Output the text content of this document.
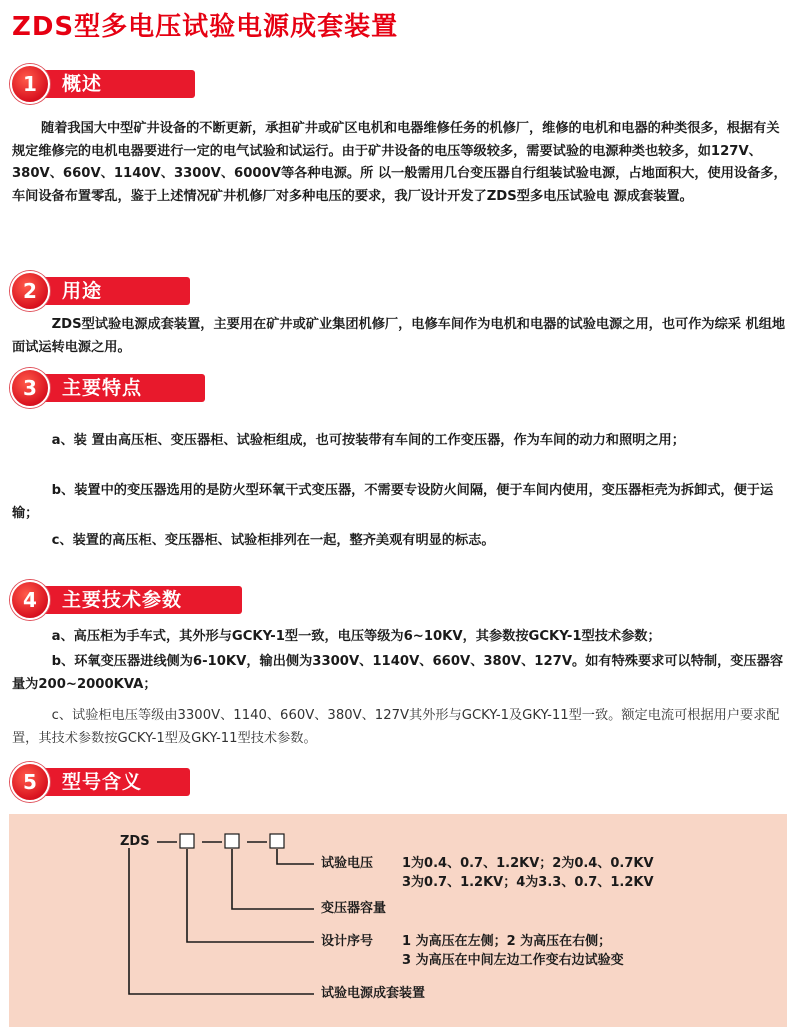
ZDS型多电压试验电源成套装置
1	概述

随着我国大中型矿井设备的不断更新，承担矿井或矿区电机和电器维修任务的机修厂，维修的电机和电器的种类很多，根据有关规定维修完的电机电器要进行一定的电气试验和试运行。由于矿井设备的电压等级较多，需要试验的电源种类也较多，如127V、380V、660V、1140V、3300V、6000V等各种电源。所 以一般需用几台变压器自行组装试验电源，占地面积大，使用设备多，车间设备布置零乱，鉴于上述情况矿井机修厂对多种电压的要求，我厂设计开发了ZDS型多电压试验电 源成套装置。

2	用途

ZDS型试验电源成套装置，主要用在矿井或矿业集团机修厂，电修车间作为电机和电器的试验电源之用，也可作为综采 机组地面试运转电源之用。

3	主要特点

a、装 置由高压柜、变压器柜、试验柜组成，也可按装带有车间的工作变压器，作为车间的动力和照明之用；

b、装置中的变压器选用的是防火型环氧干式变压器，不需要专设防火间隔，便于车间内使用，变压器柜壳为拆卸式，便于运输；

c、装置的高压柜、变压器柜、试验柜排列在一起，整齐美观有明显的标志。

4	主要技术参数

a、高压柜为手车式，其外形与GCKY-1型一致，电压等级为6~10KV，其参数按GCKY-1型技术参数；

b、环氧变压器进线侧为6-10KV，输出侧为3300V、1140V、660V、380V、127V。如有特殊要求可以特制，变压器容量为200~2000KVA；

c、试验柜电压等级由3300V、1140、660V、380V、127V其外形与GCKY-1及GKY-11型一致。额定电流可根据用户要求配置，其技术参数按GCKY-1型及GKY-11型技术参数。

5	型号含义
ZDS
试验电压 1为0.4、0.7、1.2KV；2为0.4、0.7KV
3为0.7、1.2KV；4为3.3、0.7、1.2KV
变压器容量
设计序号 1 为高压在左侧；2 为高压在右侧；
3 为高压在中间左边工作变右边试验变
试验电源成套装置
